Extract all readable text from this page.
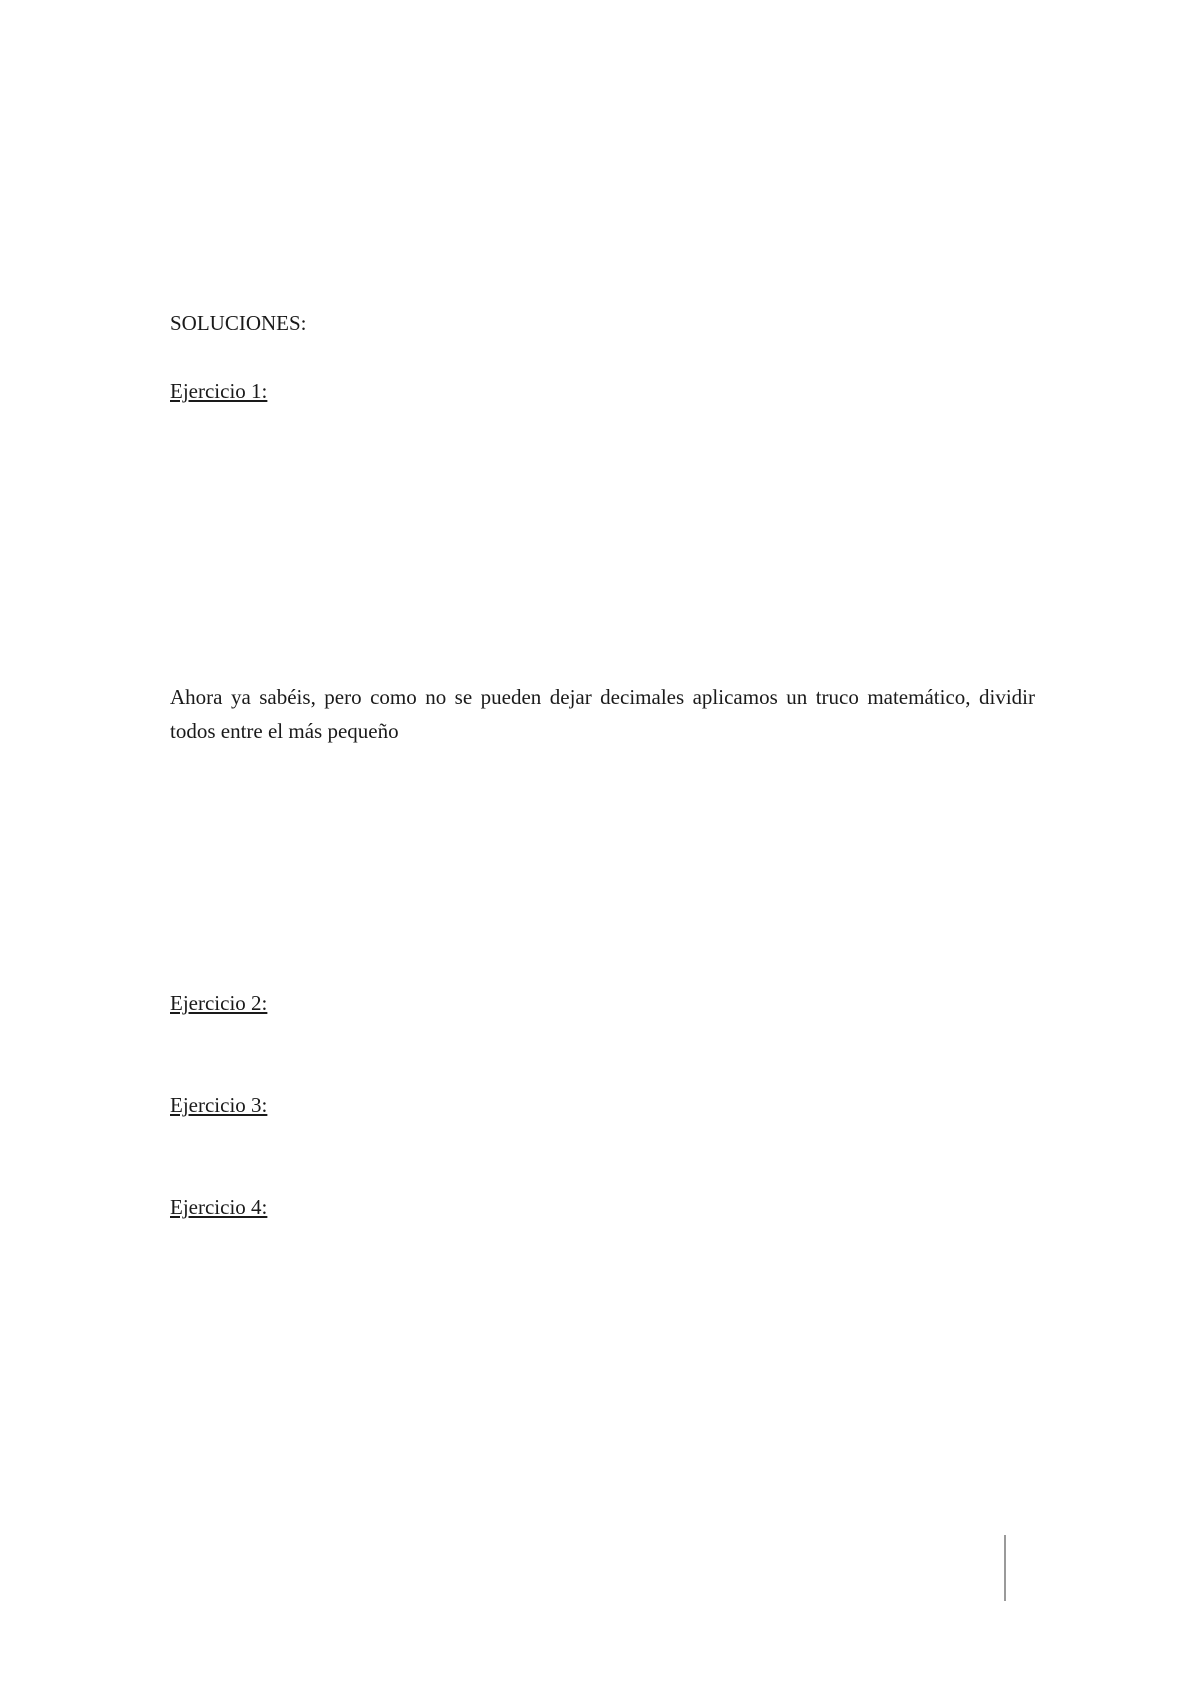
SOLUCIONES:
Ejercicio 1:
Ahora ya sabéis, pero como no se pueden dejar decimales aplicamos un truco matemático, dividir todos entre el más pequeño
Ejercicio 2:
Ejercicio 3:
Ejercicio 4:
